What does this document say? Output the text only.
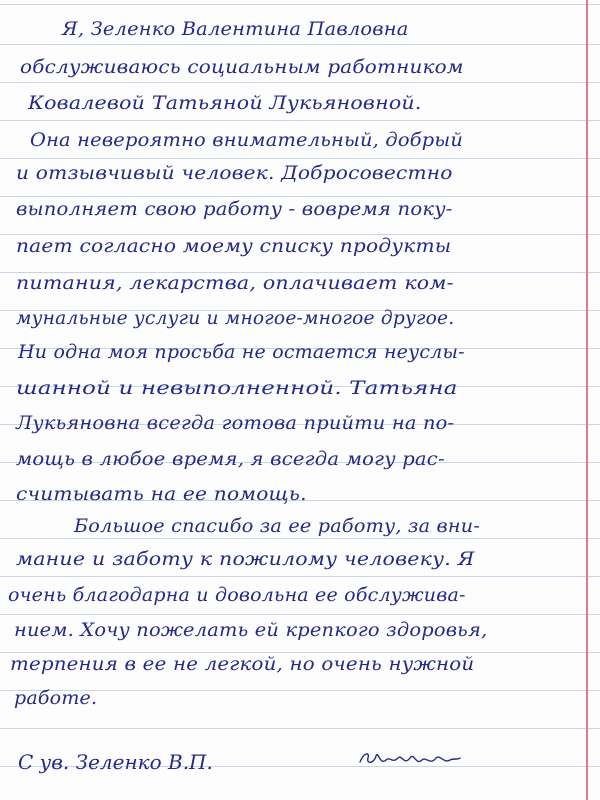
Я, Зеленко Валентина Павловна
обслуживаюсь социальным работником
Ковалевой Татьяной Лукьяновной.
Она невероятно внимательный, добрый
и отзывчивый человек. Добросовестно
выполняет свою работу - вовремя поку-
пает согласно моему списку продукты
питания, лекарства, оплачивает ком-
мунальные услуги и многое-многое другое.
Ни одна моя просьба не остается неуслы-
шанной и невыполненной. Татьяна
Лукьяновна всегда готова прийти на по-
мощь в любое время, я всегда могу рас-
считывать на ее помощь.
Большое спасибо за ее работу, за вни-
мание и заботу к пожилому человеку. Я
очень благодарна и довольна ее обслужива-
нием. Хочу пожелать ей крепкого здоровья,
терпения в ее не легкой, но очень нужной
работе.
С ув. Зеленко В.П.
